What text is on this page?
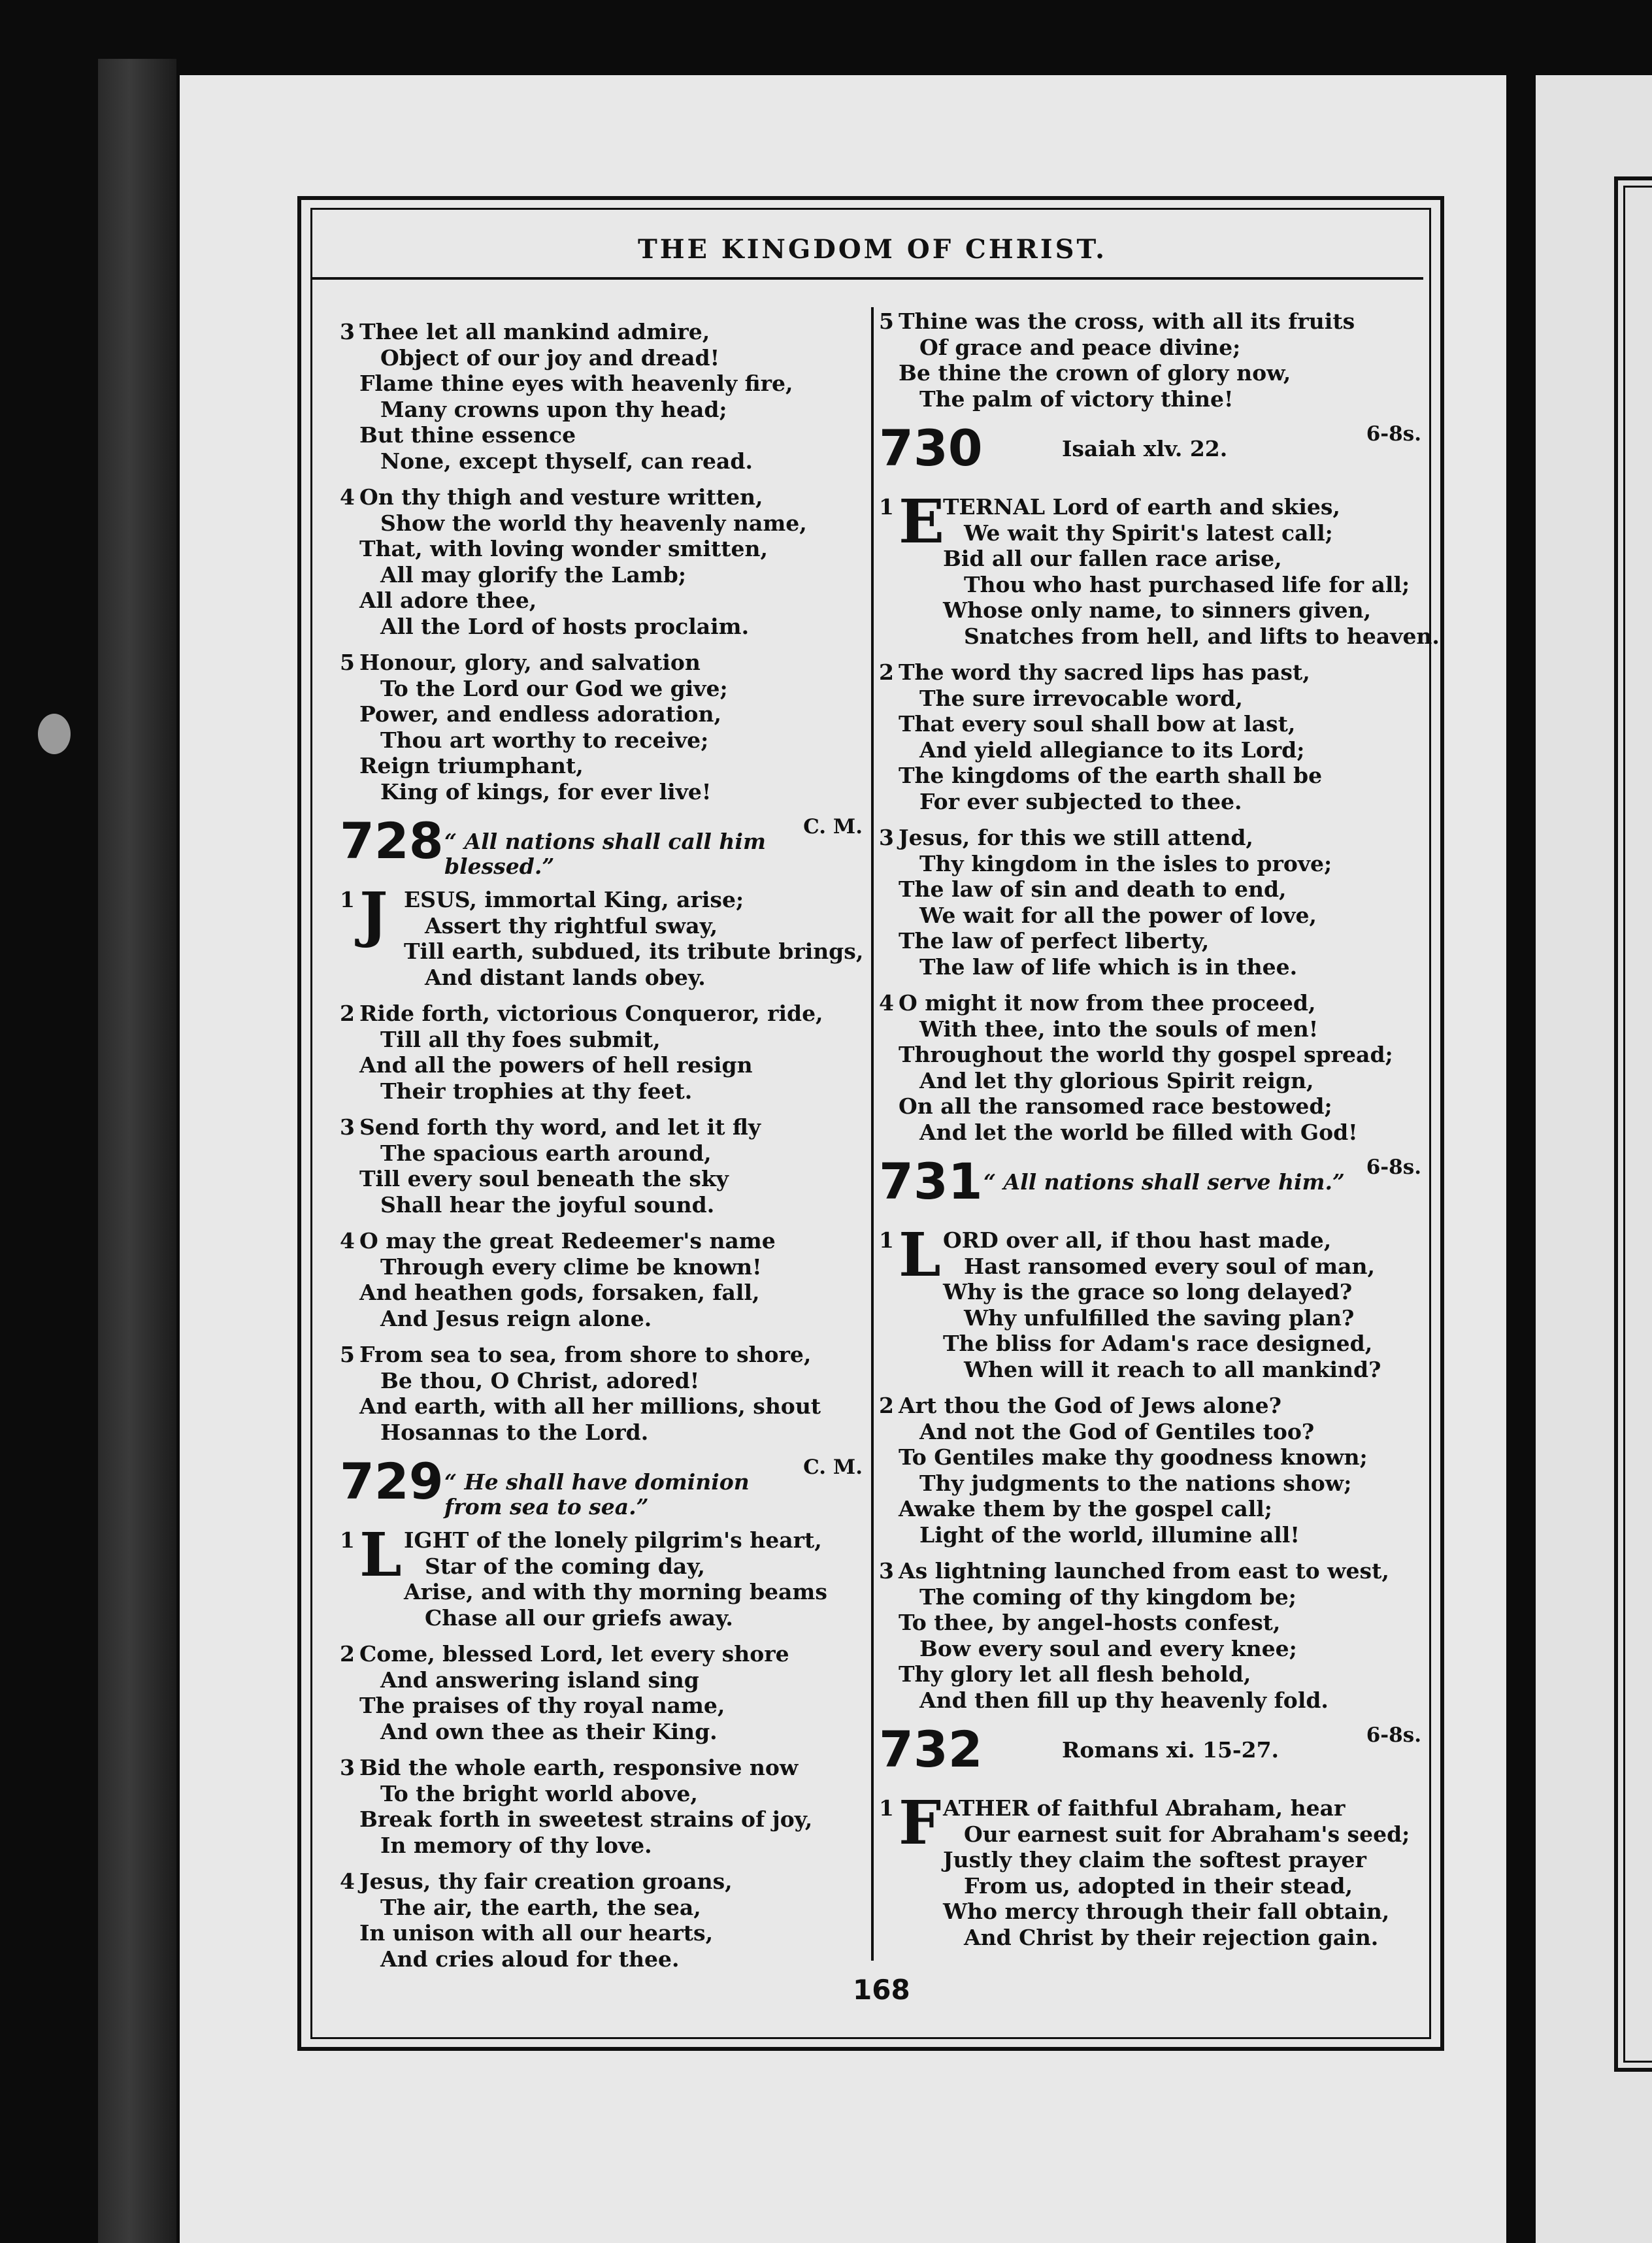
THE KINGDOM OF CHRIST.
3 Thee let all mankind admire,
Object of our joy and dread!
Flame thine eyes with heavenly fire,
Many crowns upon thy head;
But thine essence
None, except thyself, can read.
4 On thy thigh and vesture written,
Show the world thy heavenly name,
That, with loving wonder smitten,
All may glorify the Lamb;
All adore thee,
All the Lord of hosts proclaim.
5 Honour, glory, and salvation
To the Lord our God we give;
Power, and endless adoration,
Thou art worthy to receive;
Reign triumphant,
King of kings, for ever live!
728 “ All nations shall call him blessed.”
C. M.
1 J ESUS, immortal King, arise;
Assert thy rightful sway,
Till earth, subdued, its tribute brings,
And distant lands obey.
2 Ride forth, victorious Conqueror, ride,
Till all thy foes submit,
And all the powers of hell resign
Their trophies at thy feet.
3 Send forth thy word, and let it fly
The spacious earth around,
Till every soul beneath the sky
Shall hear the joyful sound.
4 O may the great Redeemer's name
Through every clime be known!
And heathen gods, forsaken, fall,
And Jesus reign alone.
5 From sea to sea, from shore to shore,
Be thou, O Christ, adored!
And earth, with all her millions, shout
Hosannas to the Lord.
729 “ He shall have dominion from sea to sea.”
C. M.
1 L IGHT of the lonely pilgrim's heart,
Star of the coming day,
Arise, and with thy morning beams
Chase all our griefs away.
2 Come, blessed Lord, let every shore
And answering island sing
The praises of thy royal name,
And own thee as their King.
3 Bid the whole earth, responsive now
To the bright world above,
Break forth in sweetest strains of joy,
In memory of thy love.
4 Jesus, thy fair creation groans,
The air, the earth, the sea,
In unison with all our hearts,
And cries aloud for thee.
5 Thine was the cross, with all its fruits
Of grace and peace divine;
Be thine the crown of glory now,
The palm of victory thine!
730	Isaiah xlv. 22.
6-8s.
1 E
TERNAL Lord of earth and skies,
We wait thy Spirit's latest call;
Bid all our fallen race arise,
Thou who hast purchased life for all;
Whose only name, to sinners given,
Snatches from hell, and lifts to heaven.
2 The word thy sacred lips has past,
The sure irrevocable word,
That every soul shall bow at last,
And yield allegiance to its Lord;
The kingdoms of the earth shall be
For ever subjected to thee.
3 Jesus, for this we still attend,
Thy kingdom in the isles to prove;
The law of sin and death to end,
We wait for all the power of love,
The law of perfect liberty,
The law of life which is in thee.
4 O might it now from thee proceed,
With thee, into the souls of men!
Throughout the world thy gospel spread;
And let thy glorious Spirit reign,
On all the ransomed race bestowed;
And let the world be filled with God!
731 “ All nations shall serve him.”
6-8s.
1 L ORD over all, if thou hast made,
Hast ransomed every soul of man,
Why is the grace so long delayed?
Why unfulfilled the saving plan?
The bliss for Adam's race designed,
When will it reach to all mankind?
2 Art thou the God of Jews alone?
And not the God of Gentiles too?
To Gentiles make thy goodness known;
Thy judgments to the nations show;
Awake them by the gospel call;
Light of the world, illumine all!
3 As lightning launched from east to west,
The coming of thy kingdom be;
To thee, by angel-hosts confest,
Bow every soul and every knee;
Thy glory let all flesh behold,
And then fill up thy heavenly fold.
732	Romans xi. 15-27.
6-8s.
1 F ATHER of faithful Abraham, hear
Our earnest suit for Abraham's seed;
Justly they claim the softest prayer
From us, adopted in their stead,
Who mercy through their fall obtain,
And Christ by their rejection gain.
168
